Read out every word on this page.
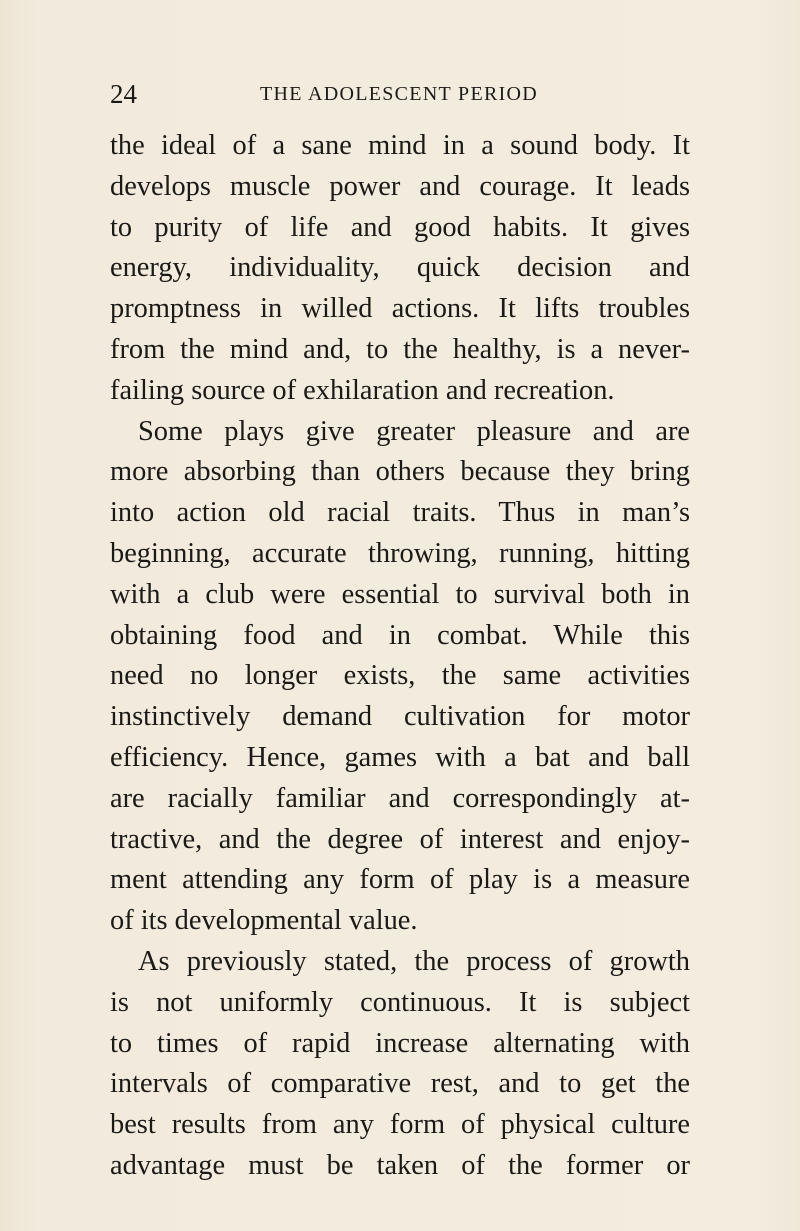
24	THE ADOLESCENT PERIOD
the ideal of a sane mind in a sound body. It
develops muscle power and courage. It leads
to purity of life and good habits. It gives
energy, individuality, quick decision and
promptness in willed actions. It lifts troubles
from the mind and, to the healthy, is a never-
failing source of exhilaration and recreation.
Some plays give greater pleasure and are
more absorbing than others because they bring
into action old racial traits. Thus in man’s
beginning, accurate throwing, running, hitting
with a club were essential to survival both in
obtaining food and in combat. While this
need no longer exists, the same activities
instinctively demand cultivation for motor
efficiency. Hence, games with a bat and ball
are racially familiar and correspondingly at-
tractive, and the degree of interest and enjoy-
ment attending any form of play is a measure
of its developmental value.
As previously stated, the process of growth
is not uniformly continuous. It is subject
to times of rapid increase alternating with
intervals of comparative rest, and to get the
best results from any form of physical culture
advantage must be taken of the former or
